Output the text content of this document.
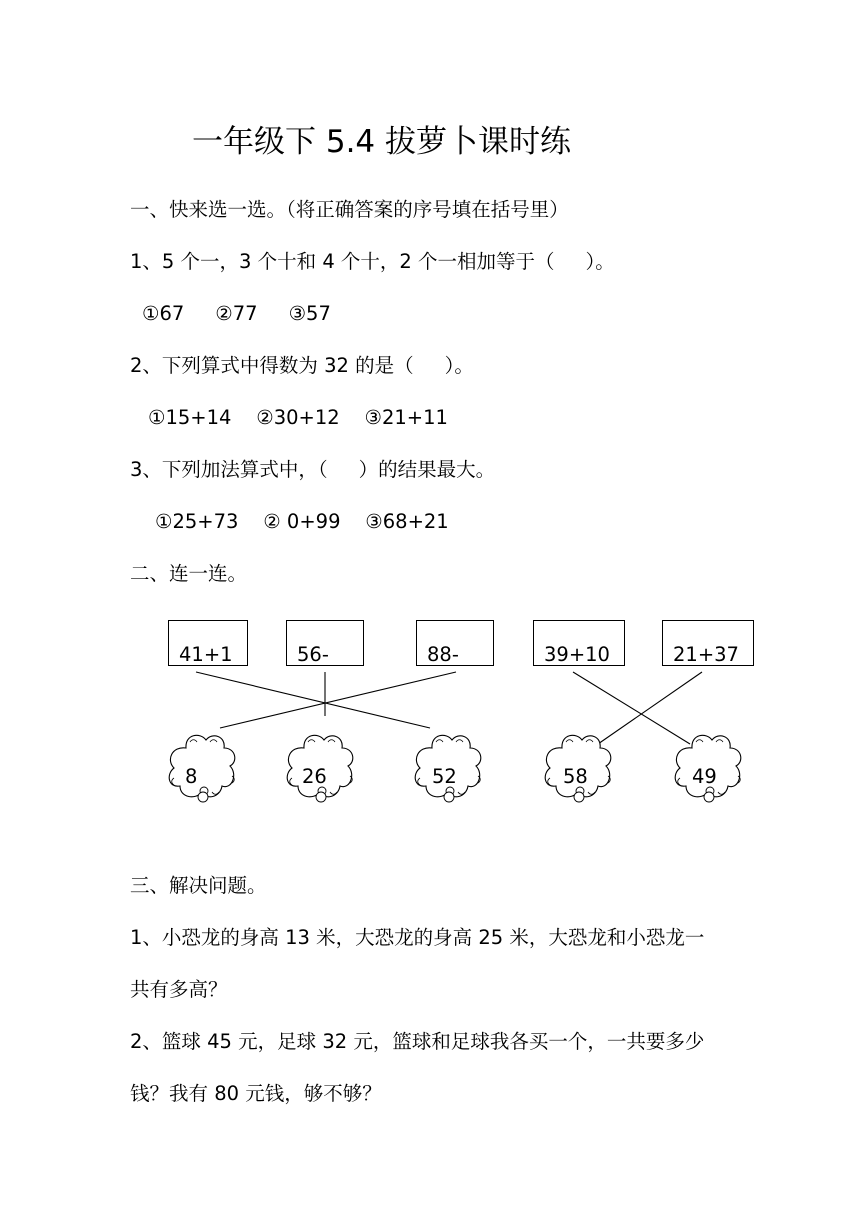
一年级下 5.4 拔萝卜课时练
一、快来选一选。（将正确答案的序号填在括号里）
1、5 个一，3 个十和 4 个十，2 个一相加等于（     ）。
①67     ②77     ③57
2、下列算式中得数为 32 的是（     ）。
①15+14    ②30+12    ③21+11
3、下列加法算式中，（     ）的结果最大。
①25+73    ② 0+99    ③68+21
二、连一连。
41+1	56-	88-	39+10	21+37
8	26	52	58	49
三、解决问题。
1、小恐龙的身高 13 米，大恐龙的身高 25 米，大恐龙和小恐龙一
共有多高？
2、篮球 45 元，足球 32 元，篮球和足球我各买一个，一共要多少
钱？我有 80 元钱，够不够？
